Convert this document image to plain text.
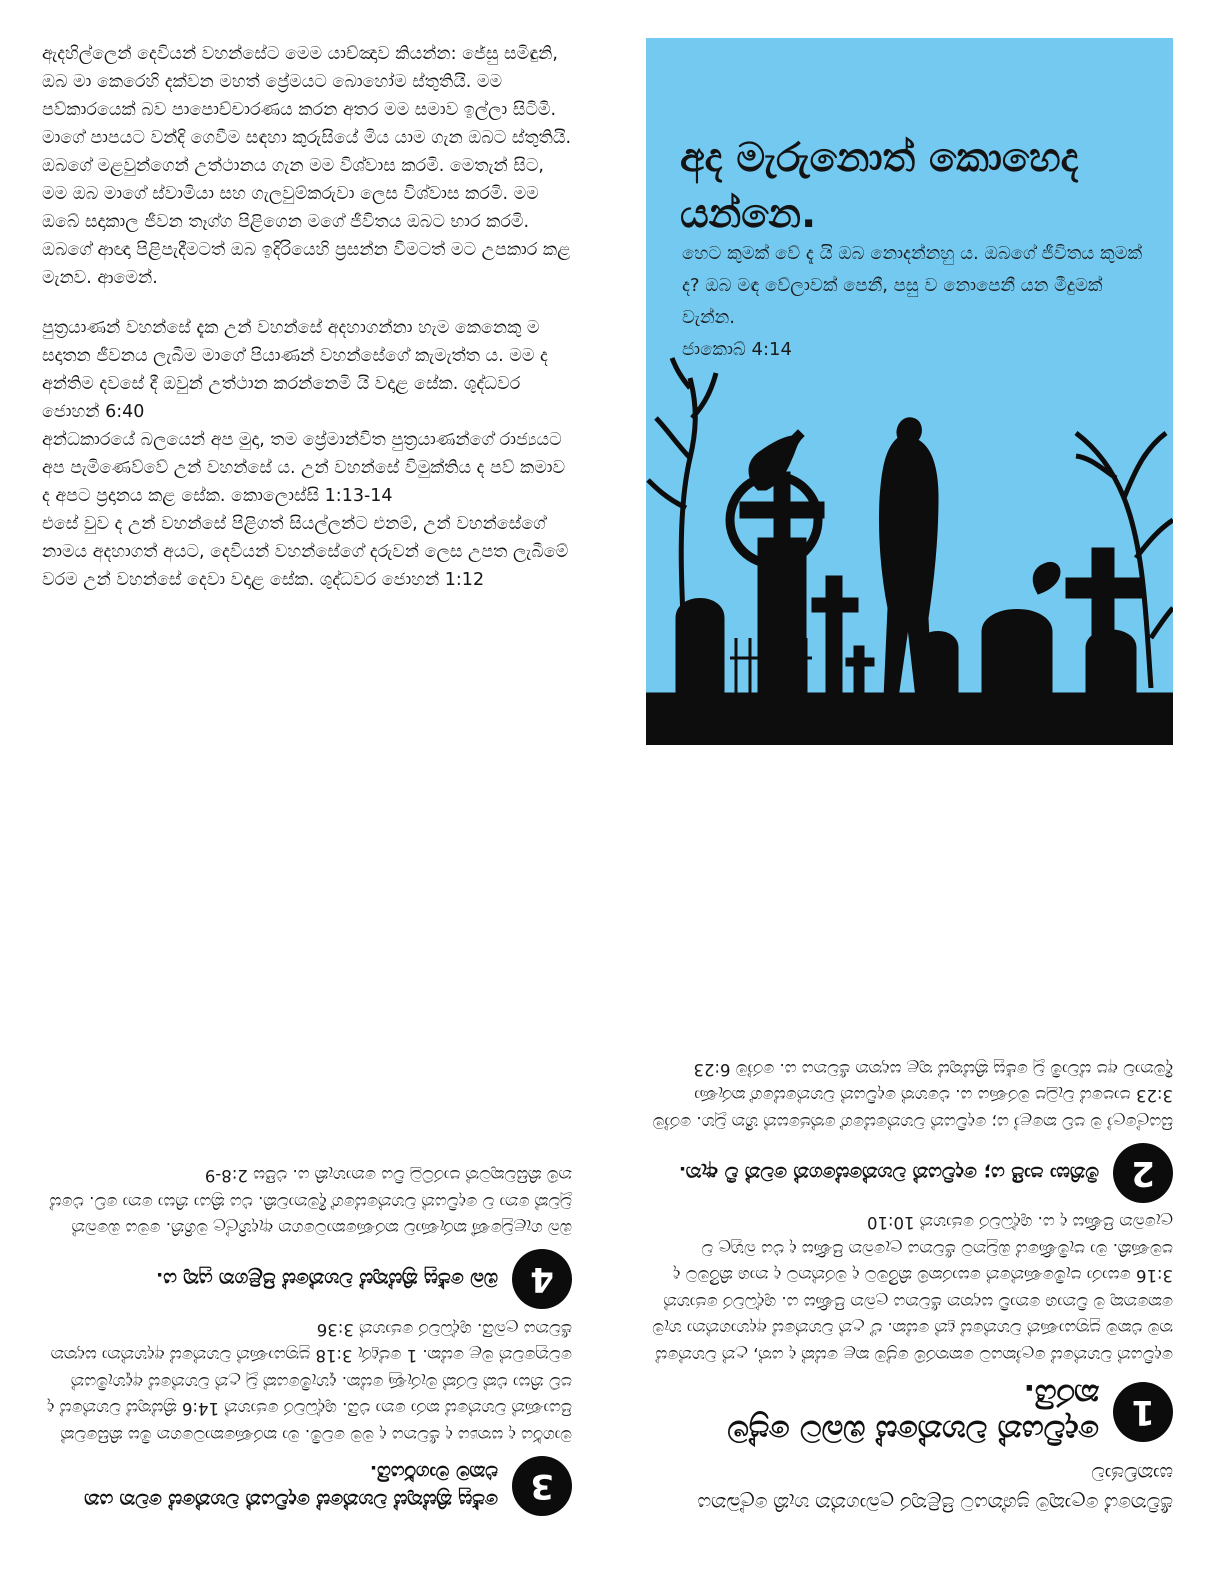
ඇදහිල්ලෙන් දෙවියන් වහන්සේට මෙම යාච්ඤාව කියන්න: ජේසු සමිඳුනි, ඔබ මා කෙරෙහි දක්වන මහත් ප්‍රේමයට බොහෝම ස්තුතියි. මම පව්කාරයෙක් බව පාපොච්චාරණය කරන අතර මම සමාව ඉල්ලා සිටිමි. මාගේ පාපයට වන්දි ගෙවීම සඳහා කුරුසියේ මිය යාම ගැන ඔබට ස්තුතියි. ඔබගේ මළවුන්ගෙන් උත්ථානය ගැන මම විශ්වාස කරමි. මෙතැන් සිට, මම ඔබ මාගේ ස්වාමියා සහ ගැලවුම්කරුවා ලෙස විශ්වාස කරමි. මම ඔබේ සදාකාල ජීවන තෑග්ග පිළිගෙන මගේ ජීවිතය ඔබට භාර කරමි. ඔබගේ ආඥා පිළිපැදීමටත් ඔබ ඉදිරියෙහි ප්‍රසන්න වීමටත් මට උපකාර කළ මැනව. ආමෙන්.

පුත්‍රයාණන් වහන්සේ දැක උන් වහන්සේ අදහාගන්නා හැම කෙනෙකු ම සදාතන ජීවනය ලැබීම මාගේ පියාණන් වහන්සේගේ කැමැත්ත ය. මම ද අන්තිම දවසේ දී ඔවුන් උත්ථාන කරන්නෙමි යි වදාළ සේක. ශුද්ධවර ජොහන් 6:40

අන්ධකාරයේ බලයෙන් අප මුදා, තම ප්‍රේමාන්විත පුත්‍රයාණන්ගේ රාජ්‍යයට අප පැමිණෙව්වේ උන් වහන්සේ ය. උන් වහන්සේ විමුක්තිය ද පව් කමාව ද අපට ප්‍රදානය කළ සේක. කොලොස්සි 1:13-14

එසේ වුව ද උන් වහන්සේ පිළිගත් සියල්ලන්ට එනම්, උන් වහන්සේගේ නාමය අදහාගත් අයට, දෙවියන් වහන්සේගේ දරුවන් ලෙස උපත ලැබීමේ වරම උන් වහන්සේ දෙවා වදාළ සේක. ශුද්ධවර ජොහන් 1:12

අද මැරුනොත් කොහෙද යන්නෙ.
හෙට කුමක් වේ දැ යි ඔබ නොදන්නහු ය. ඔබගේ ජීවිතය කුමක් ද? ඔබ මඳ වේලාවක් පෙනී, පසු ව නොපෙනී යන මීදුමක් වැන්න.
ජාකොබ් 4:14
ජීවිතයේ ලොකුම ප්‍රශ්නයට පිළිතුර ලබාගන්න හැකි ලේඛනය සාකච්ඡාව
1
දෙවියන් වහන්සේ ඔබට ප්‍රේම කරයි.

දෙවියන් වහන්සේ ලෝකයට කෙතරම් ප්‍රේම කළ සේක් ද යත්, උන් වහන්සේ තම එකම පුත්‍රයාණන් වහන්සේ දුන් සේක. ඒ උන් වහන්සේ අදහාගන්නා හැම කෙනෙකු ම විනාශ නොවී සදාතන ජීවනය ලබන පිණිස ය. ශුද්ධවර ජොහන් 3:16 සොරා පැමිණෙන්නේ සොරකම් කිරීමට ද මරන්නට ද නාශ කිරීමට ද පමණකි. මා පැමිණියේ ඔවුනට ජීවනය ලැබෙන පිණිස ද එය බහුල ව ලැබෙන පිණිස ද ය. ශුද්ධවර ජොහන් 10:10

2
මිනිසා පාපී ය; දෙවියන් වහන්සේගෙන් වෙන් වී ඇත.

සියල්ලෝ ම පව් කළෝ ය; දෙවියන් වහන්සේගේ තේජසෙන් හීන වූහ. රෝම 3:23 පාපයේ වැටුප මරණය ය. එහෙත් දෙවියන් වහන්සේගේ කරුණා දීමනාව අප ස්වාමි වූ ජේසු ක්‍රිස්තුස් තුළ සදාතන ජීවනය ය. රෝම 6:23

3
ජේසු ක්‍රිස්තුස් වහන්සේ දෙවියන් වහන්සේ වෙත යන එකම මාර්ගයයි.

මාර්ගය ද සත්‍යය ද ජීවනය ද මම වෙමි. මා කරණකොටගෙන මිස කිසිවෙක් පියාණන් වහන්සේ කරා නො එයි. ශුද්ධවර ජොහන් 14:6 ක්‍රිස්තුස් වහන්සේ ද පව් නිසා එක් වරක් මැරුණු සේක. දැහැමියෙක් වූ උන් වහන්සේ අදැහැමියන් වෙනුවෙන් මළ සේක. 1 පේදුරු 3:18 පුත්‍රයාණන් වහන්සේ අදහන්නා සදාතන ජීවනය ලබයි. ශුද්ධවර ජොහන් 3:36

4
ඔබ ජේසු ක්‍රිස්තුස් වහන්සේ පිළිගත යුතු ය.

ඔබ ගැළවුණේ කරුණාව කරණකොටගෙන ඇදහිල්ල මගිනි. මෙය ඔබෙන් වූවක් නො ව දෙවියන් වහන්සේගේ දීමනාවකි. එය ක්‍රියා නිසා නො වේ. එසේ නම් කිසිවකුටත් පාරට්ටු විය නොහැකි ය. එපීස 2:8-9
